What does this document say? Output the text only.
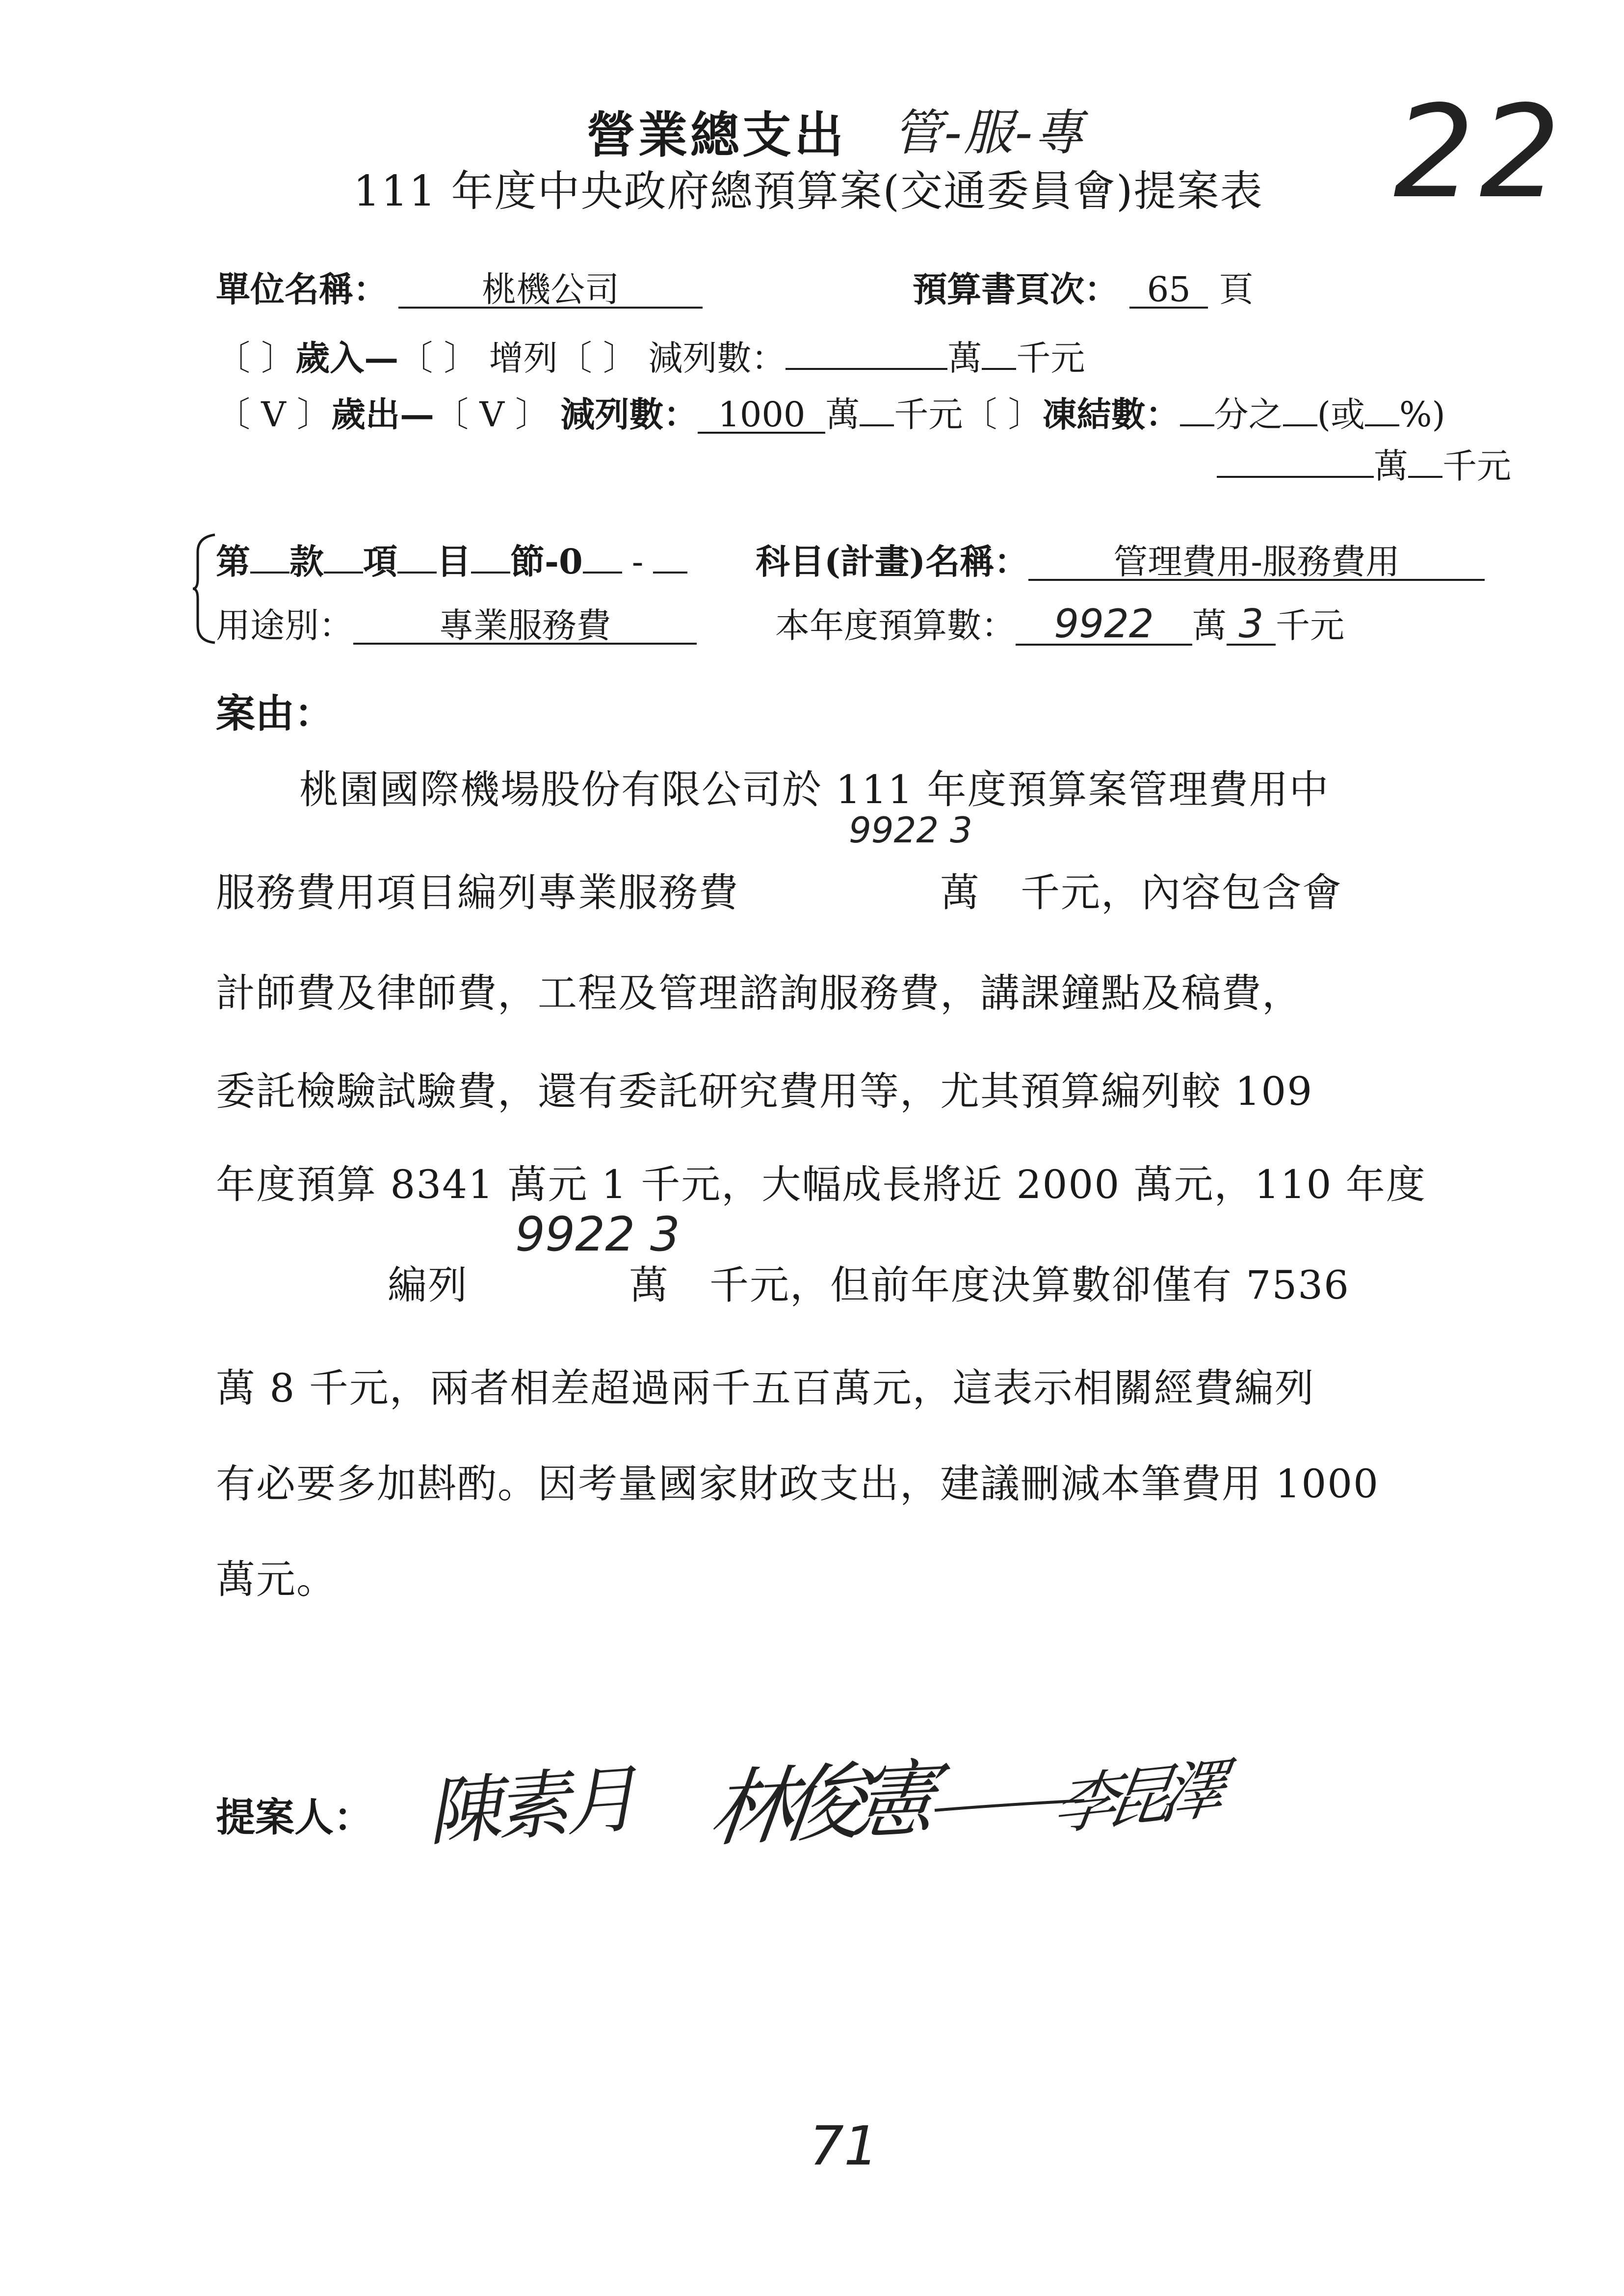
營業總支出 管-服-專 22
111 年度中央政府總預算案(交通委員會)提案表
單位名稱：	桃機公司	預算書頁次： 65 頁
〔 〕歲入—〔 〕 增列〔 〕 減列數：	萬 千元
〔 V 〕歲出—〔 V 〕 減列數： 1000 萬 千元〔 〕凍結數： 分之 (或 %)
萬 千元
第 款 項 目 節-0 -	科目(計畫)名稱： 管理費用-服務費用
用途別：	專業服務費	本年度預算數： 9922 萬 3 千元
案由：
9922 3
9922 3
桃園國際機場股份有限公司於 111 年度預算案管理費用中
服務費用項目編列專業服務費　　　　　萬　千元，內容包含會
計師費及律師費，工程及管理諮詢服務費，講課鐘點及稿費，
委託檢驗試驗費，還有委託研究費用等，尤其預算編列較 109
年度預算 8341 萬元 1 千元，大幅成長將近 2000 萬元，110 年度
編列　　　　萬　千元，但前年度決算數卻僅有 7536
萬 8 千元，兩者相差超過兩千五百萬元，這表示相關經費編列
有必要多加斟酌。因考量國家財政支出，建議刪減本筆費用 1000
萬元。
提案人： 陳素月 林俊憲 李昆澤
71
